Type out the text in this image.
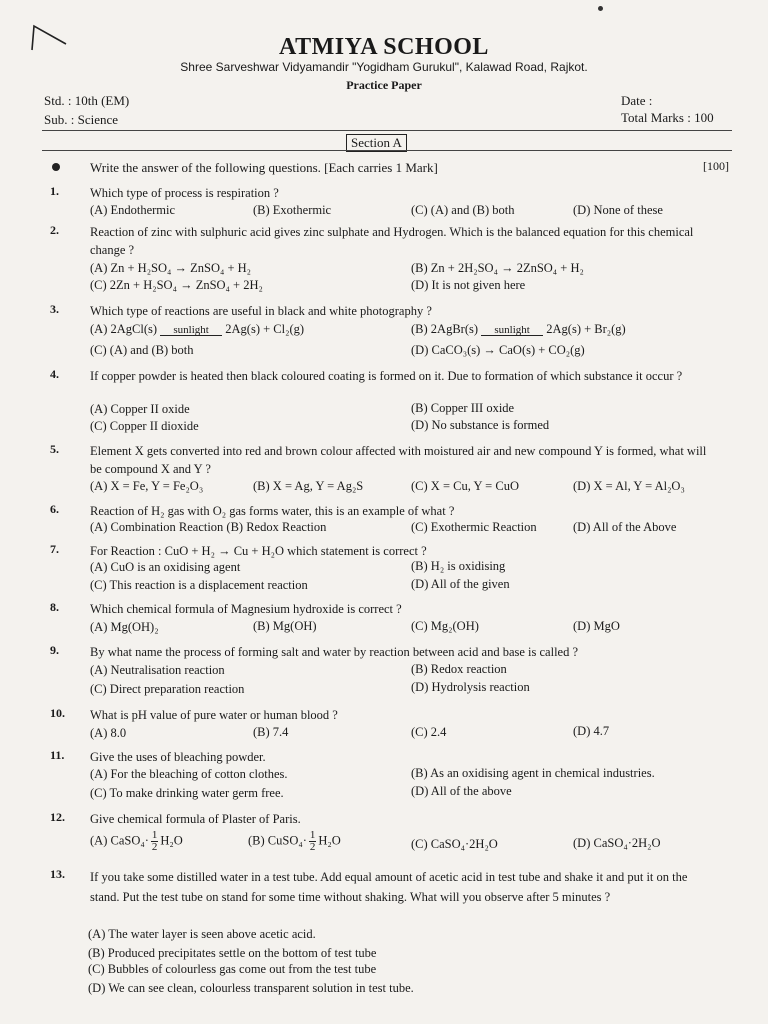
ATMIYA SCHOOL
Shree Sarveshwar Vidyamandir "Yogidham Gurukul", Kalawad Road, Rajkot.
Practice Paper
Std. : 10th (EM)
Sub. : Science
Date :
Total Marks : 100
Section A
Write the answer of the following questions. [Each carries 1 Mark]	[100]
1. Which type of process is respiration ?
(A) Endothermic	(B) Exothermic	(C) (A) and (B) both	(D) None of these
2. Reaction of zinc with sulphuric acid gives zinc sulphate and Hydrogen. Which is the balanced equation for this chemical change ?
(A) Zn + H₂SO₄ → ZnSO₄ + H₂	(B) Zn + 2H₂SO₄ → 2ZnSO₄ + H₂
(C) 2Zn + H₂SO₄ → ZnSO₄ + 2H₂	(D) It is not given here
3. Which type of reactions are useful in black and white photography ?
(A) 2AgCl(s)	sunlight	2Ag(s) + Cl₂(g)	(B) 2AgBr(s)	sunlight	2Ag(s) + Br₂(g)
(C) (A) and (B) both	(D) CaCO₃(s) → CaO(s) + CO₂(g)
4. If copper powder is heated then black coloured coating is formed on it. Due to formation of which substance it occur ?
(A) Copper II oxide	(B) Copper III oxide
(C) Copper II dioxide	(D) No substance is formed
5. Element X gets converted into red and brown colour affected with moistured air and new compound Y is formed, what will be compound X and Y ?
(A) X = Fe, Y = Fe₂O₃	(B) X = Ag, Y = Ag₂S	(C) X = Cu, Y = CuO	(D) X = Al, Y = Al₂O₃
6. Reaction of H₂ gas with O₂ gas forms water, this is an example of what ?
(A) Combination Reaction (B) Redox Reaction	(C) Exothermic Reaction	(D) All of the Above
7. For Reaction : CuO + H₂ → Cu + H₂O which statement is correct ?
(A) CuO is an oxidising agent	(B) H₂ is oxidising
(C) This reaction is a displacement reaction	(D) All of the given
8. Which chemical formula of Magnesium hydroxide is correct ?
(A) Mg(OH)₂	(B) Mg(OH)	(C) Mg₂(OH)	(D) MgO
9. By what name the process of forming salt and water by reaction between acid and base is called ?
(A) Neutralisation reaction	(B) Redox reaction
(C) Direct preparation reaction	(D) Hydrolysis reaction
10. What is pH value of pure water or human blood ?
(A) 8.0	(B) 7.4	(C) 2.4	(D) 4.7
11. Give the uses of bleaching powder.
(A) For the bleaching of cotton clothes.	(B) As an oxidising agent in chemical industries.
(C) To make drinking water germ free.	(D) All of the above
12. Give chemical formula of Plaster of Paris.
(A) CaSO₄· $\frac{1}{2} H_2O$	(B) CuSO₄· $\frac{1}{2} H_2O$	(C) CaSO₄·2H₂O	(D) CaSO₄·2H₂O
13. If you take some distilled water in a test tube. Add equal amount of acetic acid in test tube and shake it and put it on the stand. Put the test tube on stand for some time without shaking. What will you observe after 5 minutes ?
(A) The water layer is seen above acetic acid.
(B) Produced precipitates settle on the bottom of test tube
(C) Bubbles of colourless gas come out from the test tube
(D) We can see clean, colourless transparent solution in test tube.
